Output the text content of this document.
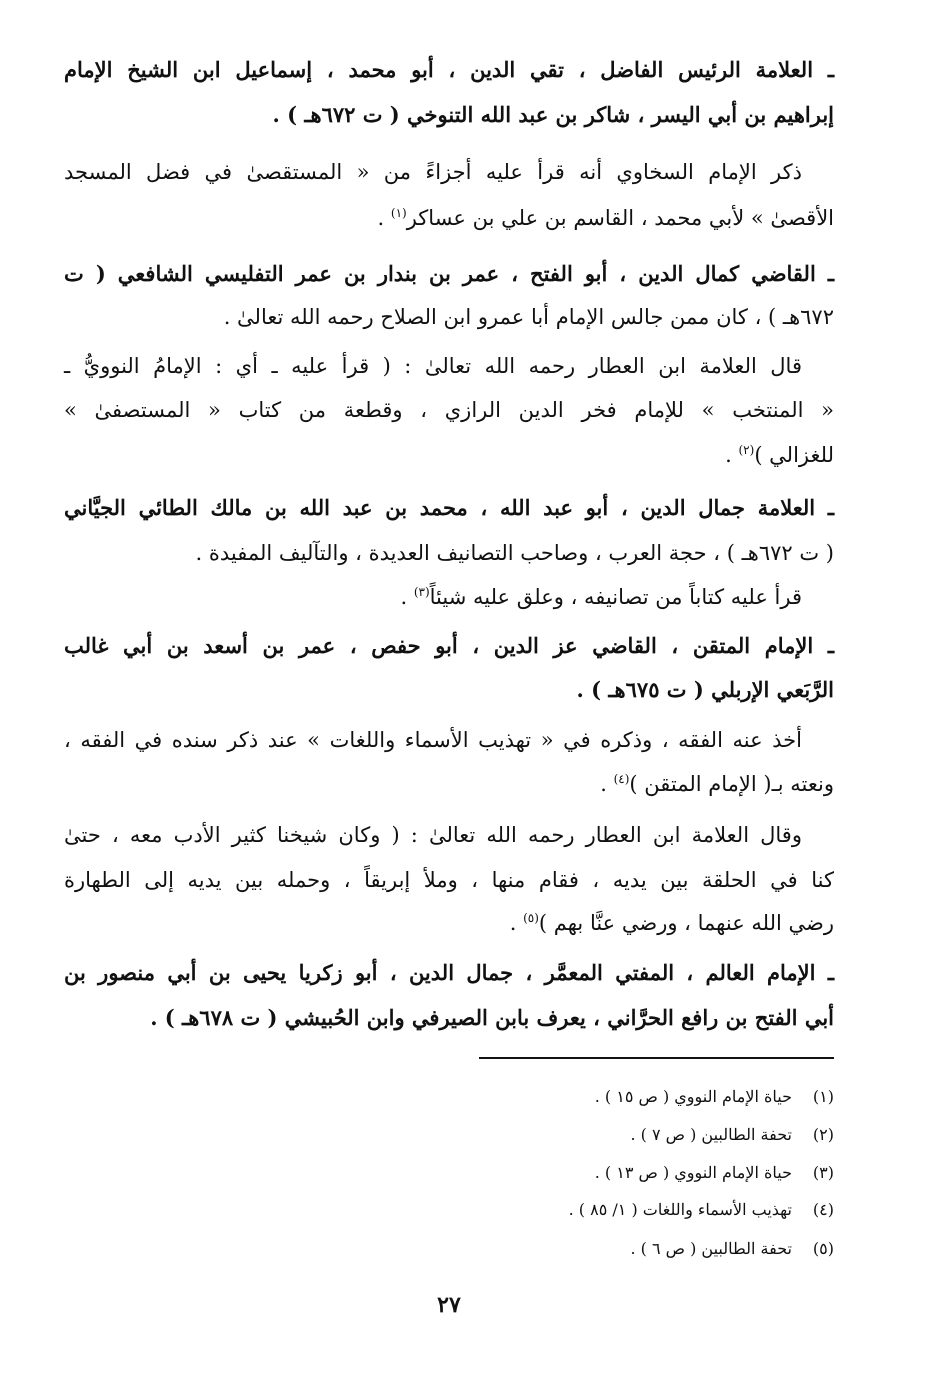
ـ العلامة الرئيس الفاضل ، تقي الدين ، أبو محمد ، إسماعيل ابن الشيخ الإمام
إبراهيم بن أبي اليسر ، شاكر بن عبد الله التنوخي ( ت ٦٧٢هـ ) .
ذكر الإمام السخاوي أنه قرأ عليه أجزاءً من « المستقصىٰ في فضل المسجد
الأقصىٰ » لأبي محمد ، القاسم بن علي بن عساكر$^{(١)}$ .
ـ القاضي كمال الدين ، أبو الفتح ، عمر بن بندار بن عمر التفليسي الشافعي ( ت
٦٧٢هـ ) ، كان ممن جالس الإمام أبا عمرو ابن الصلاح رحمه الله تعالىٰ .
قال العلامة ابن العطار رحمه الله تعالىٰ : ( قرأ عليه ـ أي : الإمامُ النوويُّ ـ
« المنتخب » للإمام فخر الدين الرازي ، وقطعة من كتاب « المستصفىٰ »
للغزالي )$^{(٢)}$ .
ـ العلامة جمال الدين ، أبو عبد الله ، محمد بن عبد الله بن مالك الطائي الجيَّاني
( ت ٦٧٢هـ ) ، حجة العرب ، وصاحب التصانيف العديدة ، والتآليف المفيدة .
قرأ عليه كتاباً من تصانيفه ، وعلق عليه شيئاً$^{(٣)}$ .
ـ الإمام المتقن ، القاضي عز الدين ، أبو حفص ، عمر بن أسعد بن أبي غالب
الرَّبَعي الإربلي ( ت ٦٧٥هـ ) .
أخذ عنه الفقه ، وذكره في « تهذيب الأسماء واللغات » عند ذكر سنده في الفقه ،
ونعته بـ( الإمام المتقن )$^{(٤)}$ .
وقال العلامة ابن العطار رحمه الله تعالىٰ : ( وكان شيخنا كثير الأدب معه ، حتىٰ
كنا في الحلقة بين يديه ، فقام منها ، وملأ إبريقاً ، وحمله بين يديه إلى الطهارة
رضي الله عنهما ، ورضي عنَّا بهم )$^{(٥)}$ .
ـ الإمام العالم ، المفتي المعمَّر ، جمال الدين ، أبو زكريا يحيى بن أبي منصور بن
أبي الفتح بن رافع الحرَّاني ، يعرف بابن الصيرفي وابن الحُبيشي ( ت ٦٧٨هـ ) .
(١)حياة الإمام النووي ( ص ١٥ ) .
(٢)تحفة الطالبين ( ص ٧ ) .
(٣)حياة الإمام النووي ( ص ١٣ ) .
(٤)تهذيب الأسماء واللغات ( ١/ ٨٥ ) .
(٥)تحفة الطالبين ( ص ٦ ) .
٢٧
